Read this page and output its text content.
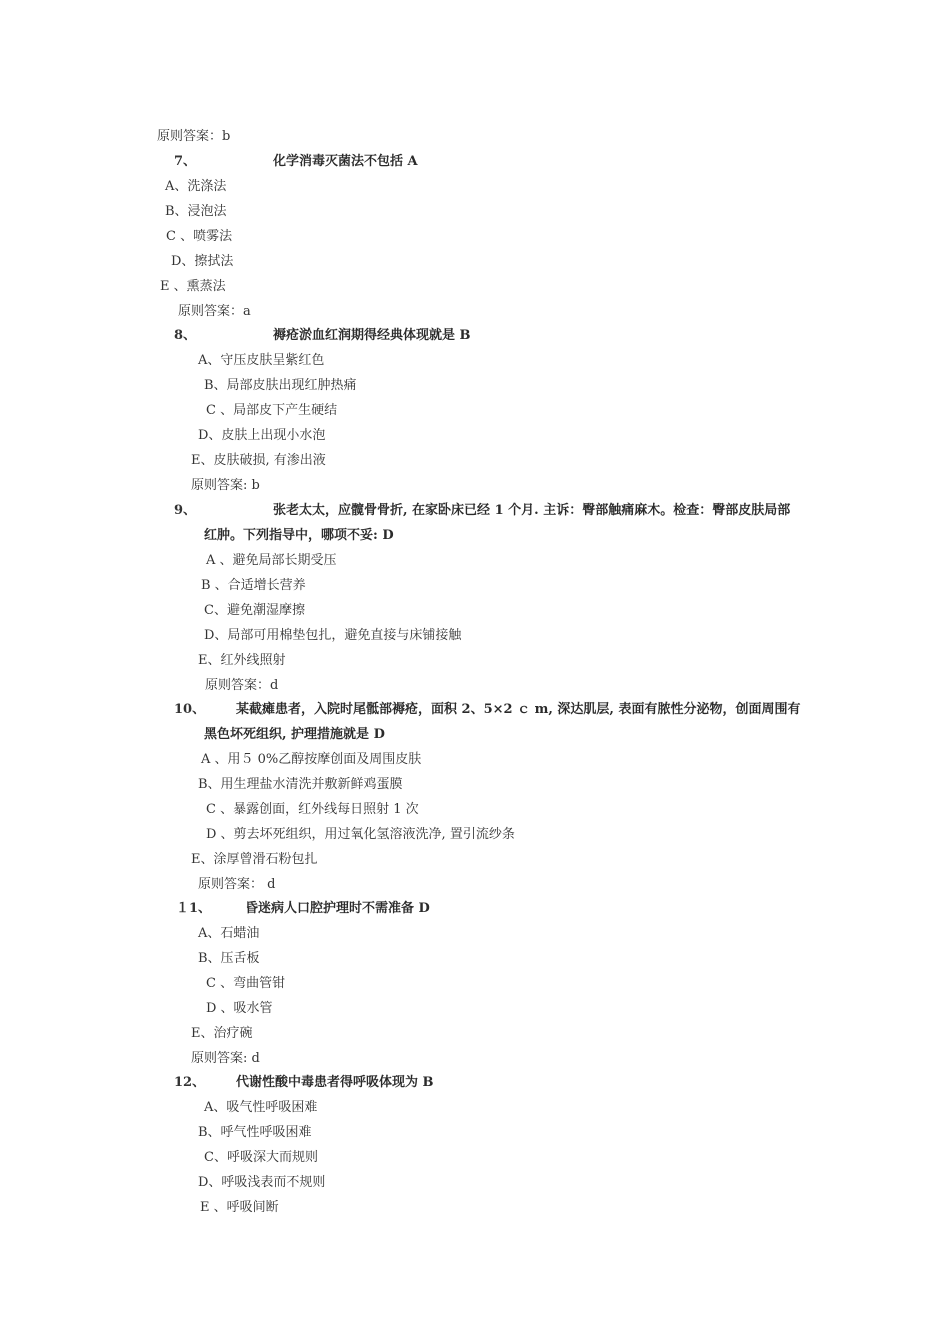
原则答案：b
7、	化学消毒灭菌法不包括 A
A、洗涤法
B、浸泡法
C 、喷雾法
D、擦拭法
E 、熏蒸法
原则答案：a
8、	褥疮淤血红润期得经典体现就是 B
A、守压皮肤呈紫红色
B、局部皮肤出现红肿热痛
C 、局部皮下产生硬结
D、皮肤上出现小水泡
E、皮肤破损, 有渗出液
原则答案: b
9、	张老太太，应髋骨骨折, 在家卧床已经 1 个月. 主诉：臀部触痛麻木。检查：臀部皮肤局部
红肿。下列指导中，哪项不妥: D
A 、避免局部长期受压
B 、合适增长营养
C、避免潮湿摩擦
D、局部可用棉垫包扎，避免直接与床铺接触
E、红外线照射
原则答案：d
10、 某截瘫患者，入院时尾骶部褥疮，面积 2、5×2 ｃ m, 深达肌层, 表面有脓性分泌物，创面周围有
黑色坏死组织, 护理措施就是 D
A 、用５ 0%乙醇按摩创面及周围皮肤
B、用生理盐水清洗并敷新鲜鸡蛋膜
C 、暴露创面，红外线每日照射 1 次
D 、剪去坏死组织，用过氧化氢溶液洗净, 置引流纱条
E、涂厚曾滑石粉包扎
原则答案： d
１1、	昏迷病人口腔护理时不需准备 D
A、石蜡油
B、压舌板
C 、弯曲管钳
D 、吸水管
E、治疗碗
原则答案: d
12、 代谢性酸中毒患者得呼吸体现为 B
A、吸气性呼吸困难
B、呼气性呼吸困难
C、呼吸深大而规则
D、呼吸浅表而不规则
E 、呼吸间断
